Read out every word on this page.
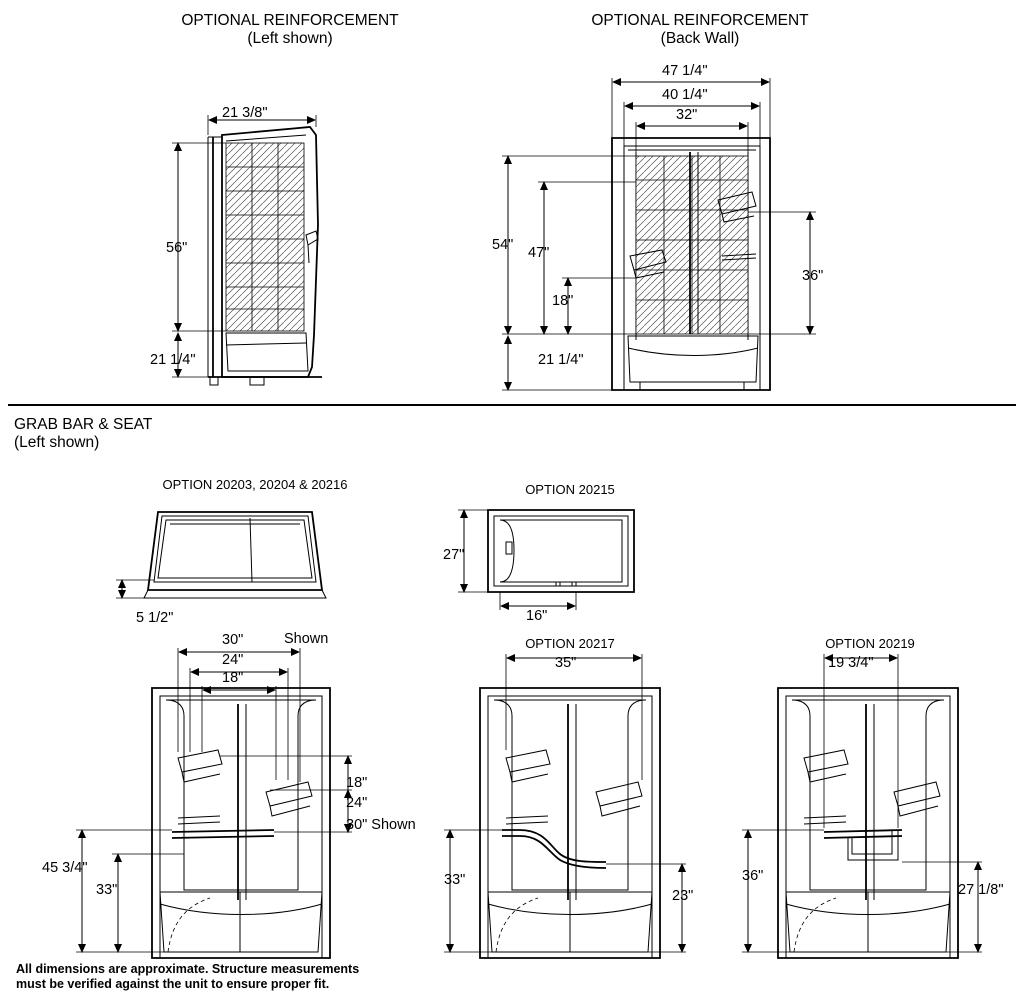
OPTIONAL REINFORCEMENT
(Left shown)
OPTIONAL REINFORCEMENT
(Back Wall)
21 3/8"
56"
21 1/4"
47 1/4"
40 1/4"
32"
54" 47"
18"
36"
21 1/4"
GRAB BAR & SEAT
(Left shown)
OPTION 20203, 20204 & 20216	OPTION 20215
OPTION 20217	OPTION 20219
5 1/2"
27"
16"
30"	Shown
24"
18"
18"
24"
30" Shown
45 3/4"
33"
35"
33"
23"
19 3/4"
36"
27 1/8"
All dimensions are approximate. Structure measurements
must be verified against the unit to ensure proper fit.
